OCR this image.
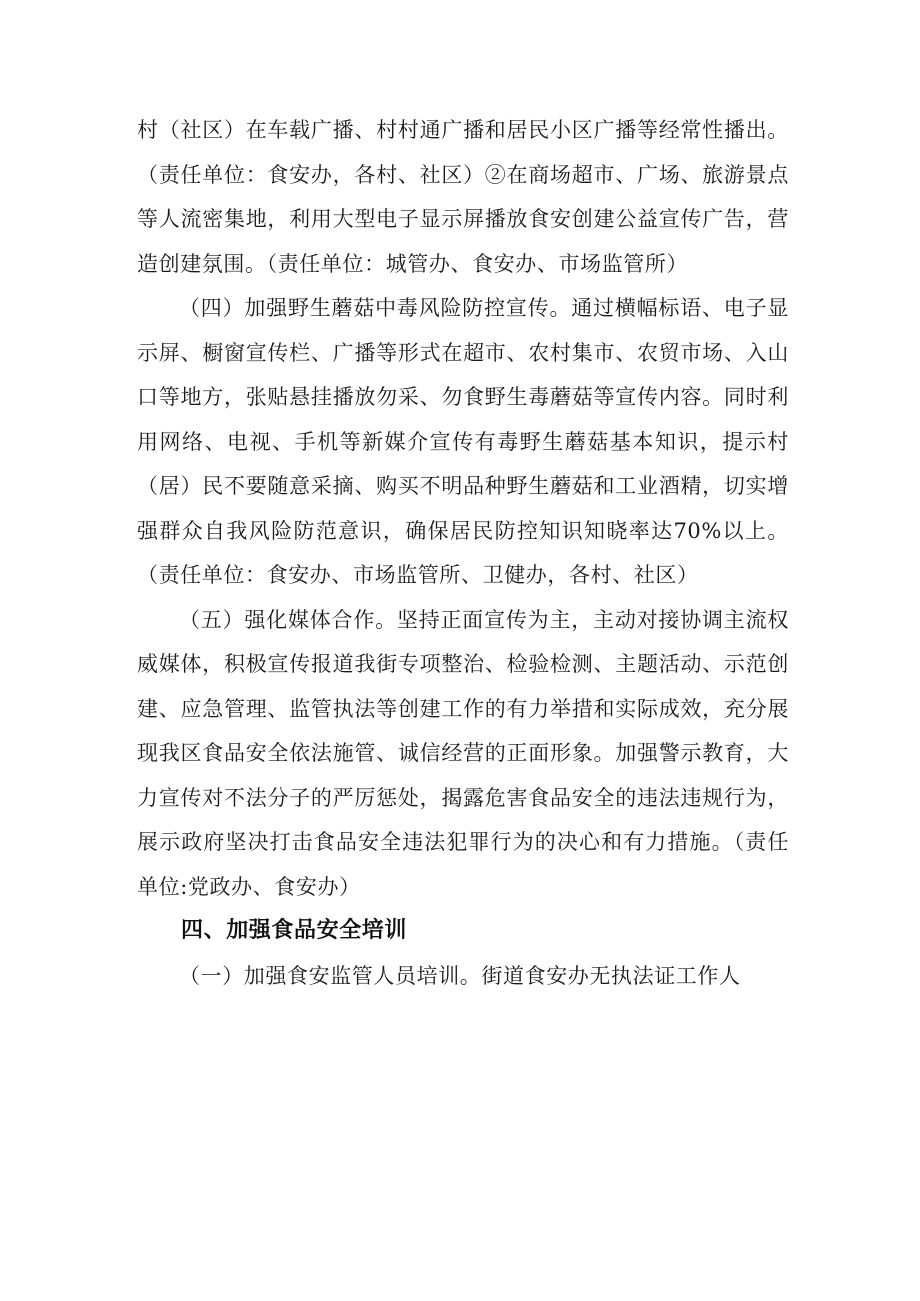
村（社区）在车载广播、村村通广播和居民小区广播等经常性播出。（责任单位：食安办，各村、社区）②在商场超市、广场、旅游景点等人流密集地，利用大型电子显示屏播放食安创建公益宣传广告，营造创建氛围。（责任单位：城管办、食安办、市场监管所）

（四）加强野生蘑菇中毒风险防控宣传。通过横幅标语、电子显示屏、橱窗宣传栏、广播等形式在超市、农村集市、农贸市场、入山口等地方，张贴悬挂播放勿采、勿食野生毒蘑菇等宣传内容。同时利用网络、电视、手机等新媒介宣传有毒野生蘑菇基本知识，提示村（居）民不要随意采摘、购买不明品种野生蘑菇和工业酒精，切实增强群众自我风险防范意识，确保居民防控知识知晓率达70%以上。（责任单位：食安办、市场监管所、卫健办，各村、社区）

（五）强化媒体合作。坚持正面宣传为主，主动对接协调主流权威媒体，积极宣传报道我街专项整治、检验检测、主题活动、示范创建、应急管理、监管执法等创建工作的有力举措和实际成效，充分展现我区食品安全依法施管、诚信经营的正面形象。加强警示教育，大力宣传对不法分子的严厉惩处，揭露危害食品安全的违法违规行为，展示政府坚决打击食品安全违法犯罪行为的决心和有力措施。（责任单位:党政办、食安办）

四、加强食品安全培训

（一）加强食安监管人员培训。街道食安办无执法证工作人
